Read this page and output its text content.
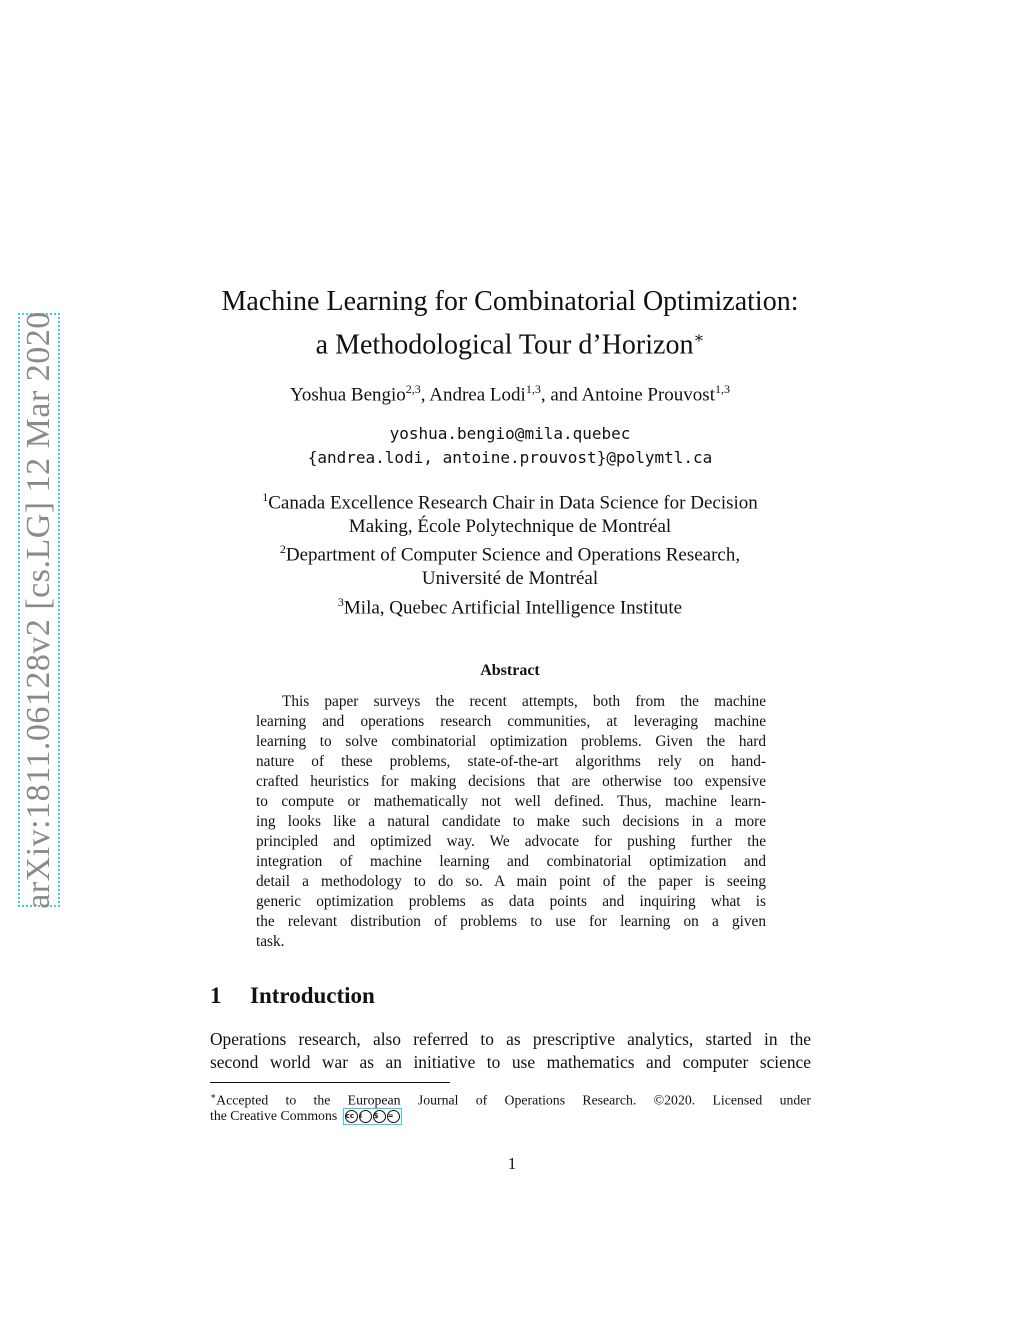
arXiv:1811.06128v2 [cs.LG] 12 Mar 2020
Machine Learning for Combinatorial Optimization:
a Methodological Tour d’Horizon∗
Yoshua Bengio$^{2,3}$, Andrea Lodi$^{1,3}$, and Antoine Prouvost$^{1,3}$
yoshua.bengio@mila.quebec
{andrea.lodi, antoine.prouvost}@polymtl.ca
$^1$Canada Excellence Research Chair in Data Science for Decision
Making, École Polytechnique de Montréal
$^2$Department of Computer Science and Operations Research,
Université de Montréal
$^3$Mila, Quebec Artificial Intelligence Institute
Abstract
This paper surveys the recent attempts, both from the machine
learning and operations research communities, at leveraging machine
learning to solve combinatorial optimization problems. Given the hard
nature of these problems, state-of-the-art algorithms rely on hand-
crafted heuristics for making decisions that are otherwise too expensive
to compute or mathematically not well defined. Thus, machine learn-
ing looks like a natural candidate to make such decisions in a more
principled and optimized way. We advocate for pushing further the
integration of machine learning and combinatorial optimization and
detail a methodology to do so. A main point of the paper is seeing
generic optimization problems as data points and inquiring what is
the relevant distribution of problems to use for learning on a given
task.
1 Introduction
Operations research, also referred to as prescriptive analytics, started in the
second world war as an initiative to use mathematics and computer science
∗Accepted to the European Journal of Operations Research. ©2020. Licensed under
the Creative Commons cc i	$	=
1
